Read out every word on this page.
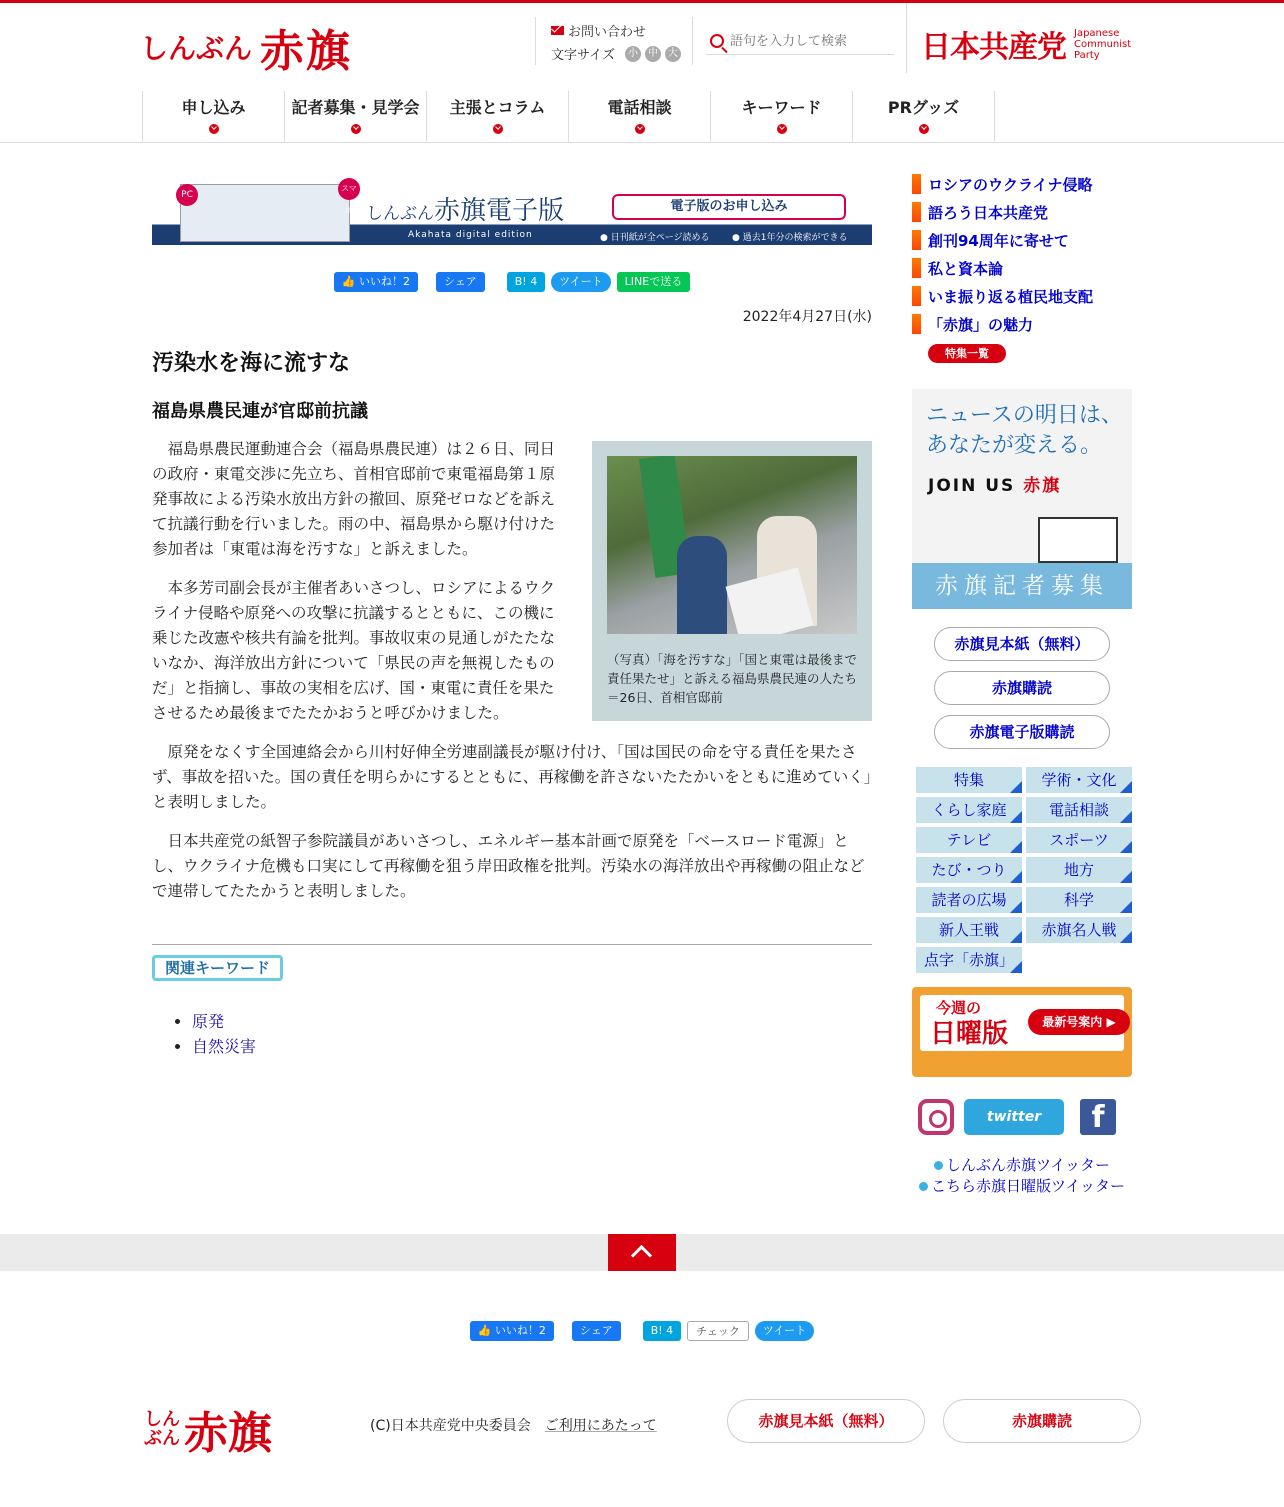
しんぶん 赤旗	お問い合わせ
文字サイズ	小	中	大
語句を入力して検索	日本共産党 Japanese
Communist
Party
申し込み	記者募集・見学会	主張とコラム	電話相談	キーワード	PRグッズ
PC
スマホ しんぶん赤旗電子版	電子版のお申し込み
Akahata digital edition	● 日刊紙が全ページ読める ● 過去1年分の検索ができる
👍 いいね！2	シェア	B! 4	ツイート	LINEで送る
2022年4月27日(水)
汚染水を海に流すな
福島県農民連が官邸前抗議
（写真）「海を汚すな」「国と東電は最後まで責任果たせ」と訴える福島県農民連の人たち＝26日、首相官邸前

福島県農民運動連合会（福島県農民連）は２６日、同日の政府・東電交渉に先立ち、首相官邸前で東電福島第１原発事故による汚染水放出方針の撤回、原発ゼロなどを訴えて抗議行動を行いました。雨の中、福島県から駆け付けた参加者は「東電は海を汚すな」と訴えました。

本多芳司副会長が主催者あいさつし、ロシアによるウクライナ侵略や原発への攻撃に抗議するとともに、この機に乗じた改憲や核共有論を批判。事故収束の見通しがたたないなか、海洋放出方針について「県民の声を無視したものだ」と指摘し、事故の実相を広げ、国・東電に責任を果たさせるため最後までたたかおうと呼びかけました。

原発をなくす全国連絡会から川村好伸全労連副議長が駆け付け、「国は国民の命を守る責任を果たさず、事故を招いた。国の責任を明らかにするとともに、再稼働を許さないたたかいをともに進めていく」と表明しました。

日本共産党の紙智子参院議員があいさつし、エネルギー基本計画で原発を「ベースロード電源」とし、ウクライナ危機も口実にして再稼働を狙う岸田政権を批判。汚染水の海洋放出や再稼働の阻止などで連帯してたたかうと表明しました。

関連キーワード
• 原発
• 自然災害
ロシアのウクライナ侵略
語ろう日本共産党
創刊94周年に寄せて
私と資本論
いま振り返る植民地支配
「赤旗」の魅力
特集一覧
ニュースの明日は、
あなたが変える。
JOIN US 赤旗
赤旗記者募集
赤旗見本紙（無料）
赤旗購読
赤旗電子版購読
特集	学術・文化
くらし家庭	電話相談
テレビ	スポーツ
たび・つり	地方
読者の広場	科学
新人王戦	赤旗名人戦
点字「赤旗」
今週の
日曜版	最新号案内 ▶
twitter	f
しんぶん赤旗ツイッター
こちら赤旗日曜版ツイッター
👍 いいね！2	シェア	B! 4	チェック	ツイート
しんぶん 赤旗	(C)日本共産党中央委員会 ご利用にあたって	赤旗見本紙（無料）	赤旗購読
